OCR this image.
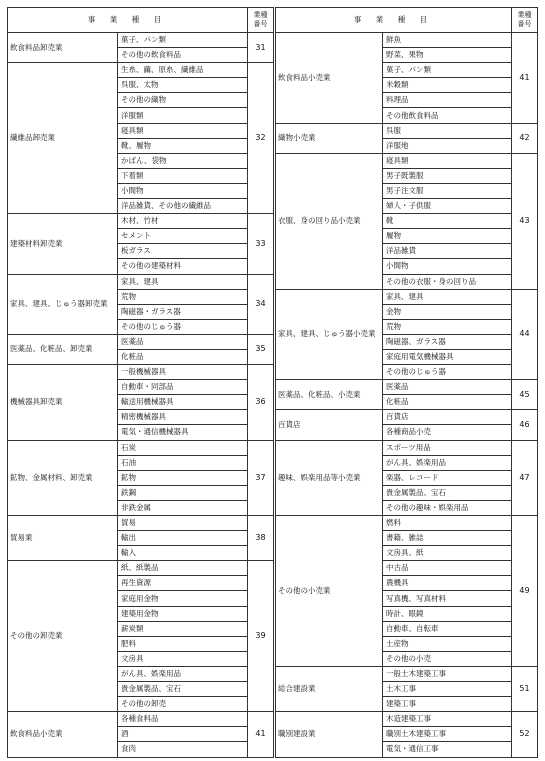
事 業 種 目		業種
番号
飲食料品卸売業	菓子、パン類	31
	その他の飲食料品	
繊維品卸売業	生糸、繭、原糸、繊維品	32
	呉服、太物	
	その他の織物	
	洋服類	
	寝具類	
	靴、履物	
	かばん、袋物	
	下着類	
	小間物	
	洋品雑貨、その他の繊維品	
建築材料卸売業	木材、竹材	33
	セメント	
	板ガラス	
	その他の建築材料	
家具、建具、じゅう器卸売業	家具、建具	34
	荒物	
	陶磁器・ガラス器	
	その他のじゅう器	
医薬品、化粧品、卸売業	医薬品	35
	化粧品	
機械器具卸売業	一般機械器具	36
	自動車・同部品	
	輸送用機械器具	
	精密機械器具	
	電気・通信機械器具	
鉱物、金属材料、卸売業	石炭	37
	石油	
	鉱物	
	鉄鋼	
	非鉄金属	
貿易業	貿易	38
	輸出	
	輸入	
その他の卸売業	紙、紙製品	39
	再生資源	
	家庭用金物	
	建築用金物	
	薪炭類	
	肥料	
	文房具	
	がん具、娯楽用品	
	貴金属製品、宝石	
	その他の卸売	
飲食料品小売業	各種食料品	41
	酒	
	食肉	
事 業 種 目		業種
番号
飲食料品小売業	鮮魚	41
	野菜、果物	
	菓子、パン類	
	米穀類	
	料理品	
	その他飲食料品	
織物小売業	呉服	42
	洋服地	
衣服、身の回り品小売業	寝具類	43
	男子既製服	
	男子注文服	
	婦人・子供服	
	靴	
	履物	
	洋品雑貨	
	小間物	
	その他の衣服・身の回り品	
家具、建具、じゅう器小売業	家具、建具	44
	金物	
	荒物	
	陶磁器、ガラス器	
	家庭用電気機械器具	
	その他のじゅう器	
医薬品、化粧品、小売業	医薬品	45
	化粧品	
百貨店	百貨店	46
	各種商品小売	
趣味、娯楽用品等小売業	スポーツ用品	47
	がん具、娯楽用品	
	楽器、レコード	
	貴金属製品、宝石	
	その他の趣味・娯楽用品	
その他の小売業	燃料	49
	書籍、雑誌	
	文房具、紙	
	中古品	
	農機具	
	写真機、写真材料	
	時計、眼鏡	
	自動車、自転車	
	土産物	
	その他の小売	
総合建設業	一般土木建築工事	51
	土木工事	
	建築工事	
職別建設業	木造建築工事	52
	職別土木建築工事	
	電気・通信工事	
